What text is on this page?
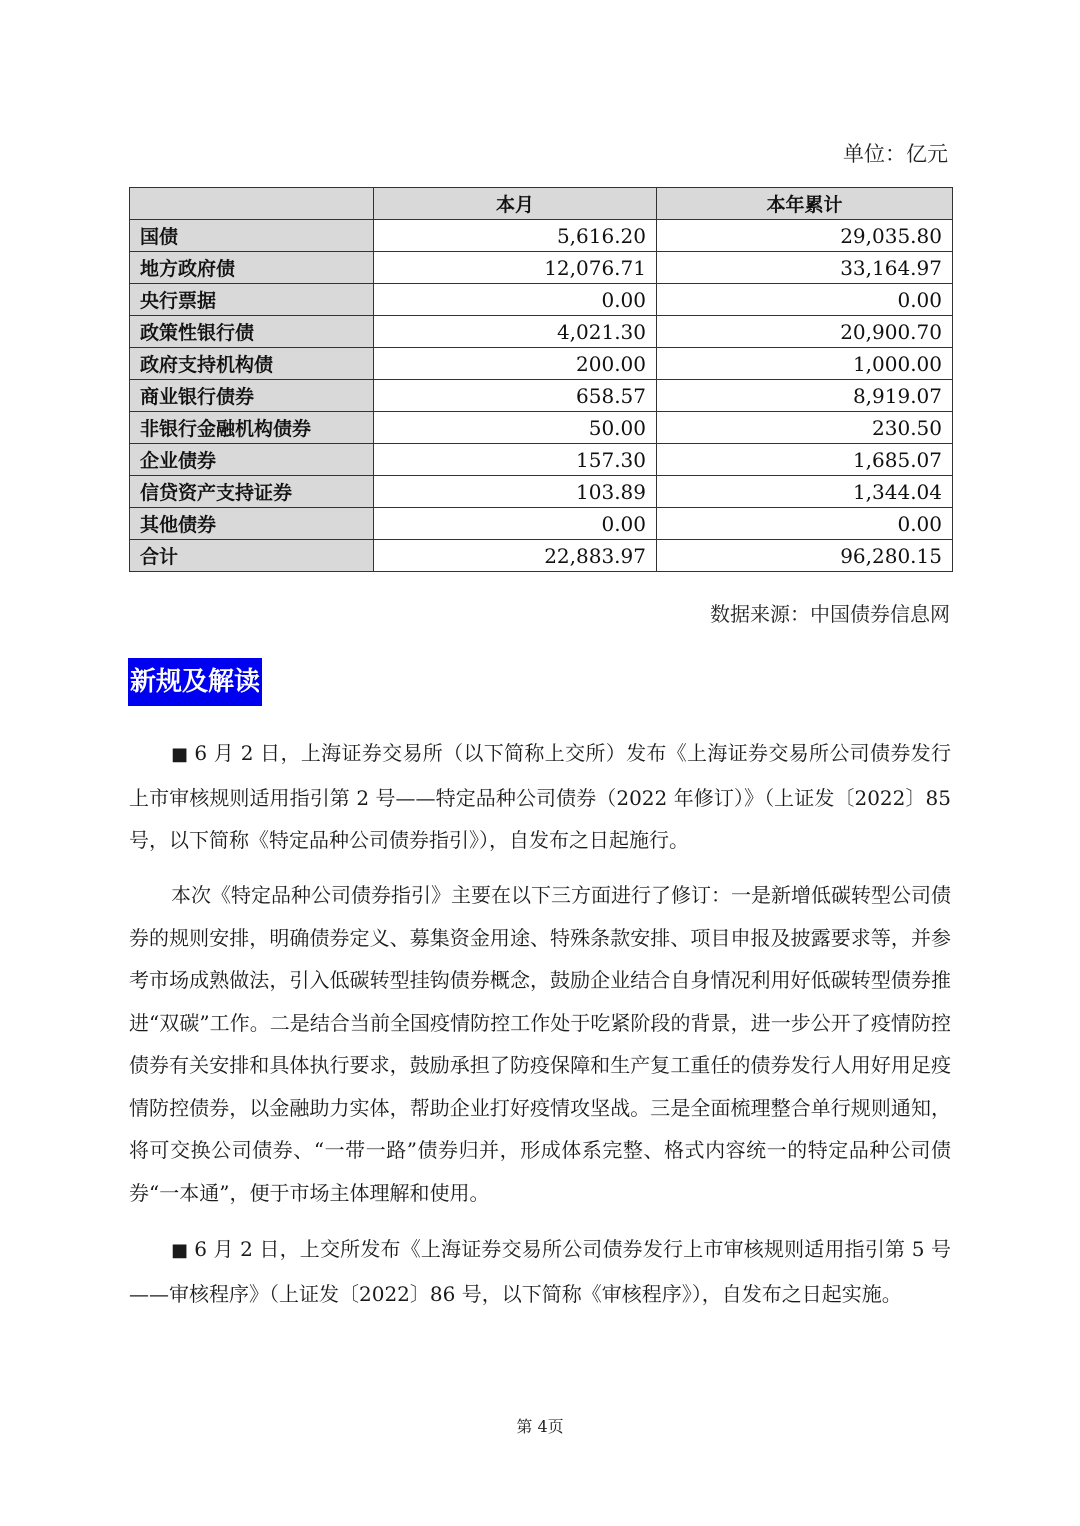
单位：亿元

	本月	本年累计
国债	5,616.20	29,035.80
地方政府债	12,076.71	33,164.97
央行票据	0.00	0.00
政策性银行债	4,021.30	20,900.70
政府支持机构债	200.00	1,000.00
商业银行债券	658.57	8,919.07
非银行金融机构债券	50.00	230.50
企业债券	157.30	1,685.07
信贷资产支持证券	103.89	1,344.04
其他债券	0.00	0.00
合计	22,883.97	96,280.15

数据来源：中国债券信息网

新规及解读

■ 6 月 2 日，上海证券交易所（以下简称上交所）发布《上海证券交易所公司债券发行上市审核规则适用指引第 2 号——特定品种公司债券（2022 年修订）》（上证发〔2022〕85 号，以下简称《特定品种公司债券指引》），自发布之日起施行。

本次《特定品种公司债券指引》主要在以下三方面进行了修订：一是新增低碳转型公司债券的规则安排，明确债券定义、募集资金用途、特殊条款安排、项目申报及披露要求等，并参考市场成熟做法，引入低碳转型挂钩债券概念，鼓励企业结合自身情况利用好低碳转型债券推进“双碳”工作。二是结合当前全国疫情防控工作处于吃紧阶段的背景，进一步公开了疫情防控债券有关安排和具体执行要求，鼓励承担了防疫保障和生产复工重任的债券发行人用好用足疫情防控债券，以金融助力实体，帮助企业打好疫情攻坚战。三是全面梳理整合单行规则通知，将可交换公司债券、“一带一路”债券归并，形成体系完整、格式内容统一的特定品种公司债券“一本通”，便于市场主体理解和使用。

■ 6 月 2 日，上交所发布《上海证券交易所公司债券发行上市审核规则适用指引第 5 号——审核程序》（上证发〔2022〕86 号，以下简称《审核程序》），自发布之日起实施。

第 4页
